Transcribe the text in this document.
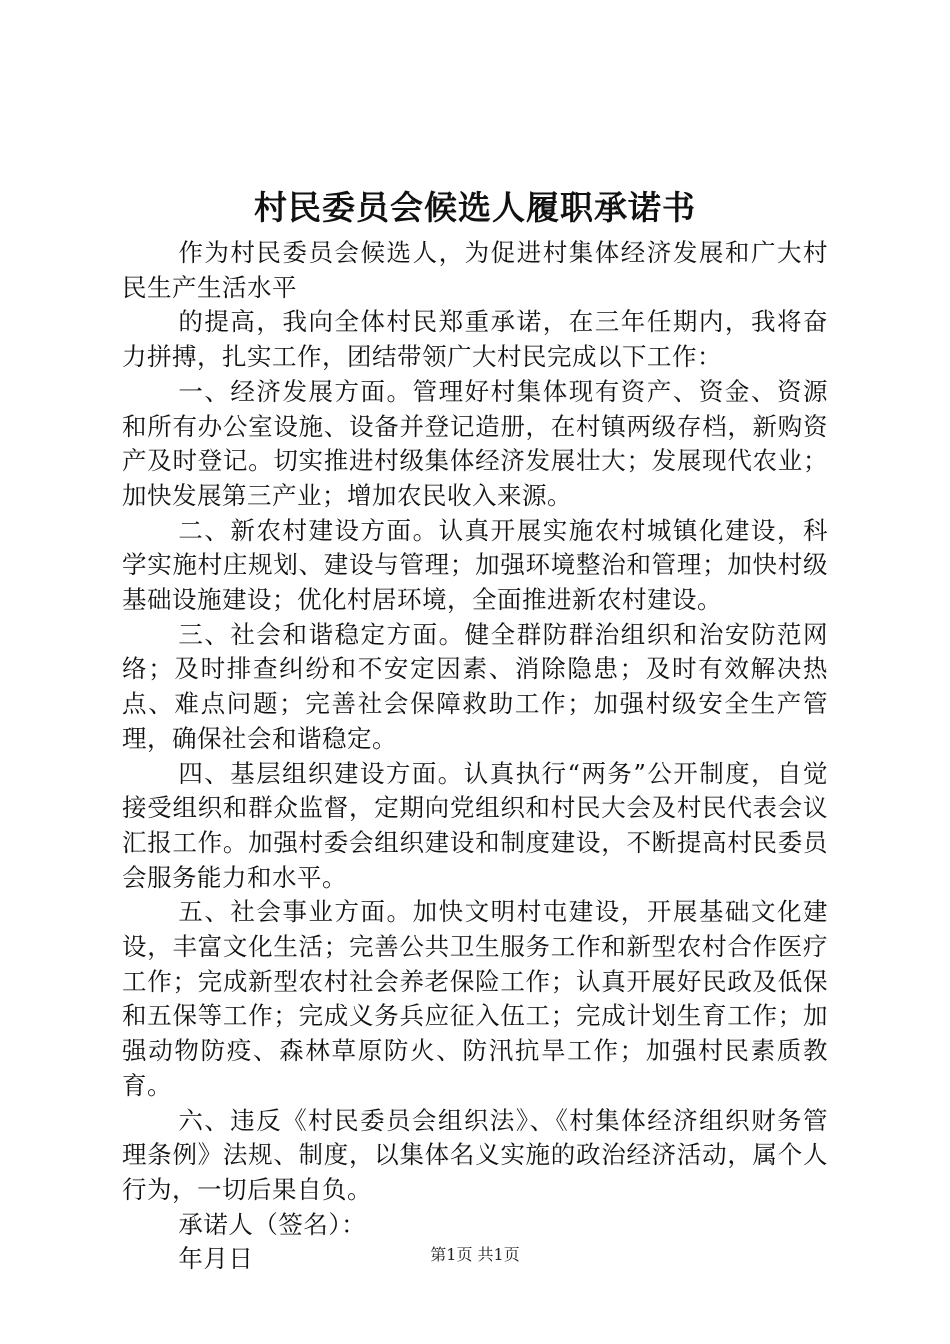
村民委员会候选人履职承诺书

作为村民委员会候选人，为促进村集体经济发展和广大村民生产生活水平

的提高，我向全体村民郑重承诺，在三年任期内，我将奋力拼搏，扎实工作，团结带领广大村民完成以下工作：

一、经济发展方面。管理好村集体现有资产、资金、资源和所有办公室设施、设备并登记造册，在村镇两级存档，新购资产及时登记。切实推进村级集体经济发展壮大；发展现代农业；加快发展第三产业；增加农民收入来源。

二、新农村建设方面。认真开展实施农村城镇化建设，科学实施村庄规划、建设与管理；加强环境整治和管理；加快村级基础设施建设；优化村居环境，全面推进新农村建设。

三、社会和谐稳定方面。健全群防群治组织和治安防范网络；及时排查纠纷和不安定因素、消除隐患；及时有效解决热点、难点问题；完善社会保障救助工作；加强村级安全生产管理，确保社会和谐稳定。

四、基层组织建设方面。认真执行“两务”公开制度，自觉接受组织和群众监督，定期向党组织和村民大会及村民代表会议汇报工作。加强村委会组织建设和制度建设，不断提高村民委员会服务能力和水平。

五、社会事业方面。加快文明村屯建设，开展基础文化建设，丰富文化生活；完善公共卫生服务工作和新型农村合作医疗工作；完成新型农村社会养老保险工作；认真开展好民政及低保和五保等工作；完成义务兵应征入伍工；完成计划生育工作；加强动物防疫、森林草原防火、防汛抗旱工作；加强村民素质教育。

六、违反《村民委员会组织法》、《村集体经济组织财务管理条例》法规、制度，以集体名义实施的政治经济活动，属个人行为，一切后果自负。

承诺人（签名）：

年月日	第1页 共1页
